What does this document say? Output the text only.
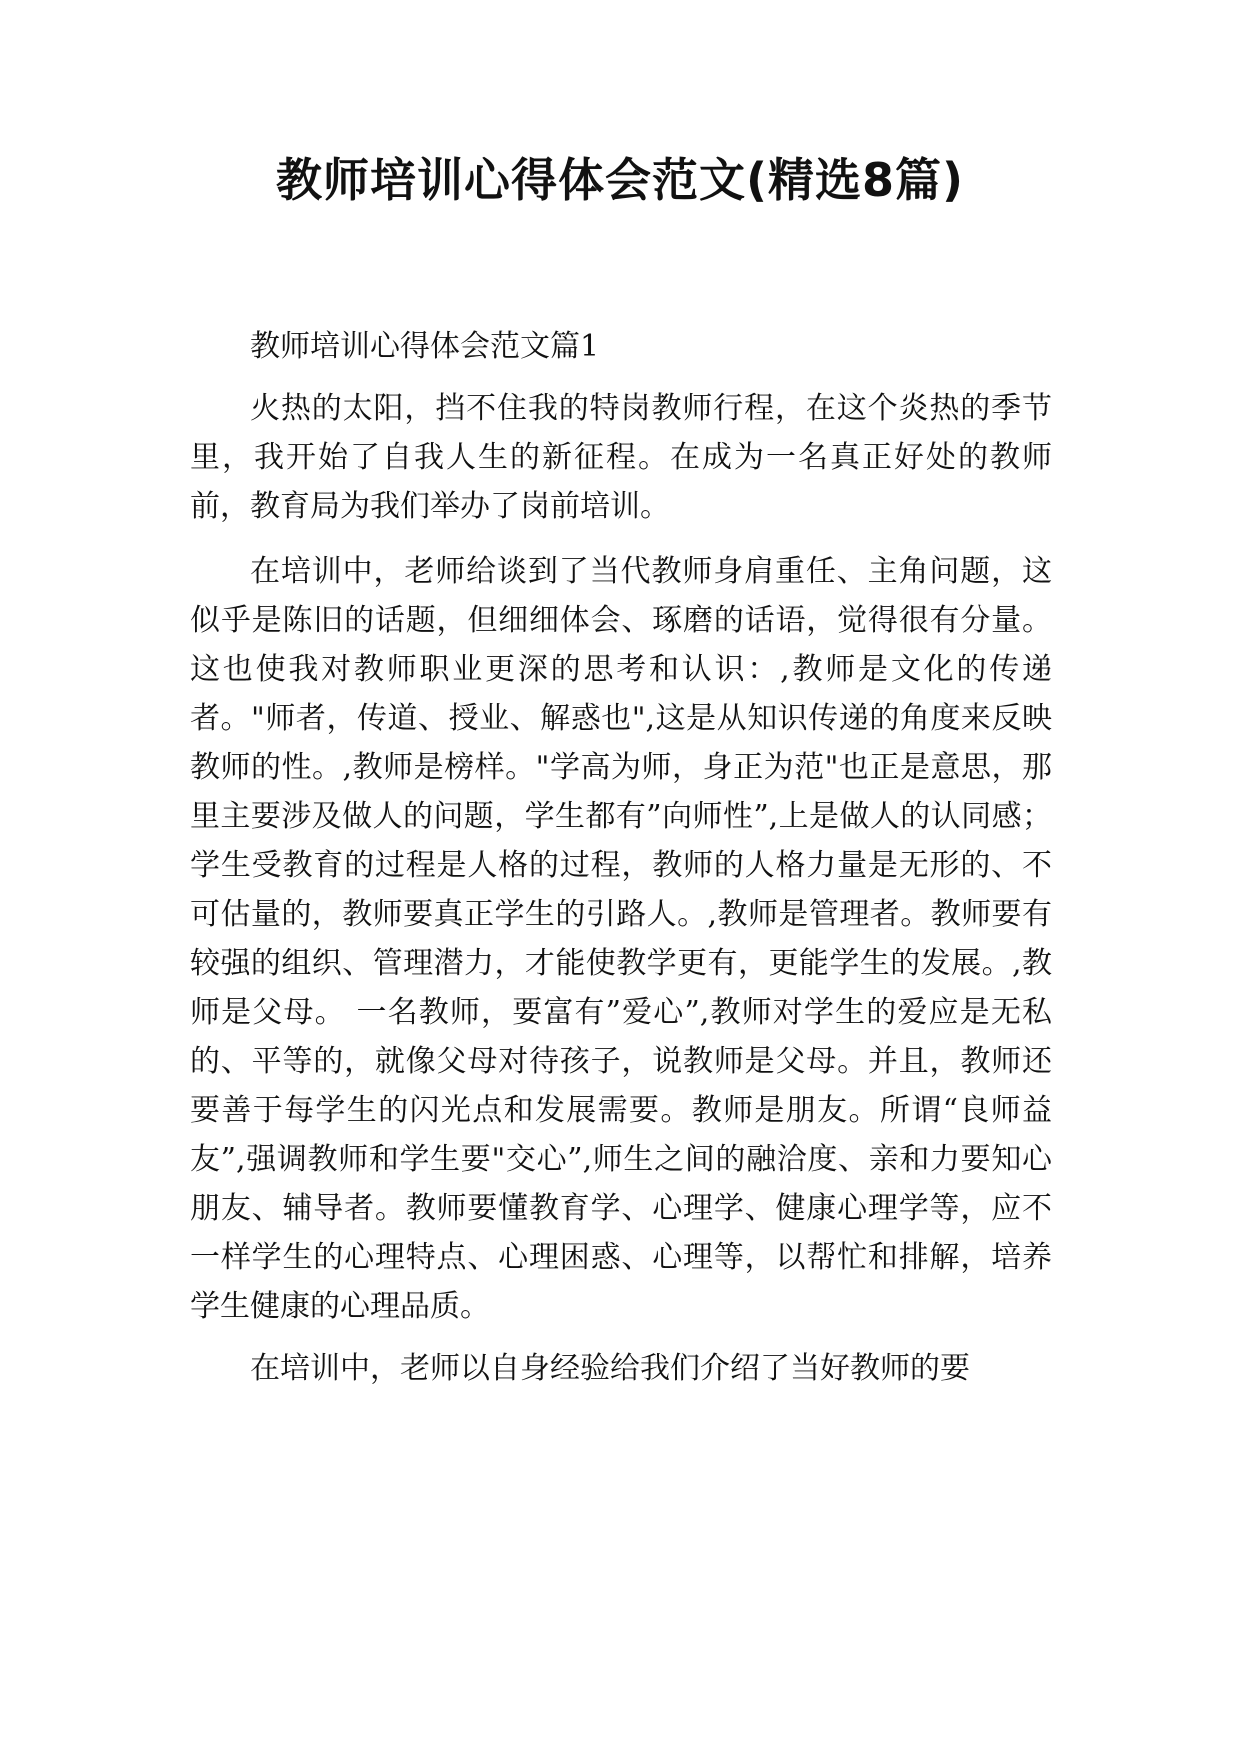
教师培训心得体会范文(精选8篇)

教师培训心得体会范文篇1

火热的太阳，挡不住我的特岗教师行程，在这个炎热的季节里，我开始了自我人生的新征程。在成为一名真正好处的教师前，教育局为我们举办了岗前培训。

在培训中，老师给谈到了当代教师身肩重任、主角问题，这似乎是陈旧的话题，但细细体会、琢磨的话语，觉得很有分量。这也使我对教师职业更深的思考和认识：,教师是文化的传递者。"师者，传道、授业、解惑也",这是从知识传递的角度来反映教师的性。,教师是榜样。"学高为师，身正为范"也正是意思，那里主要涉及做人的问题，学生都有”向师性”,上是做人的认同感；学生受教育的过程是人格的过程，教师的人格力量是无形的、不可估量的，教师要真正学生的引路人。,教师是管理者。教师要有较强的组织、管理潜力，才能使教学更有，更能学生的发展。,教师是父母。 一名教师，要富有”爱心”,教师对学生的爱应是无私的、平等的，就像父母对待孩子，说教师是父母。并且，教师还要善于每学生的闪光点和发展需要。教师是朋友。所谓“良师益友”,强调教师和学生要"交心”,师生之间的融洽度、亲和力要知心朋友、辅导者。教师要懂教育学、心理学、健康心理学等，应不一样学生的心理特点、心理困惑、心理等，以帮忙和排解，培养学生健康的心理品质。

在培训中，老师以自身经验给我们介绍了当好教师的要
